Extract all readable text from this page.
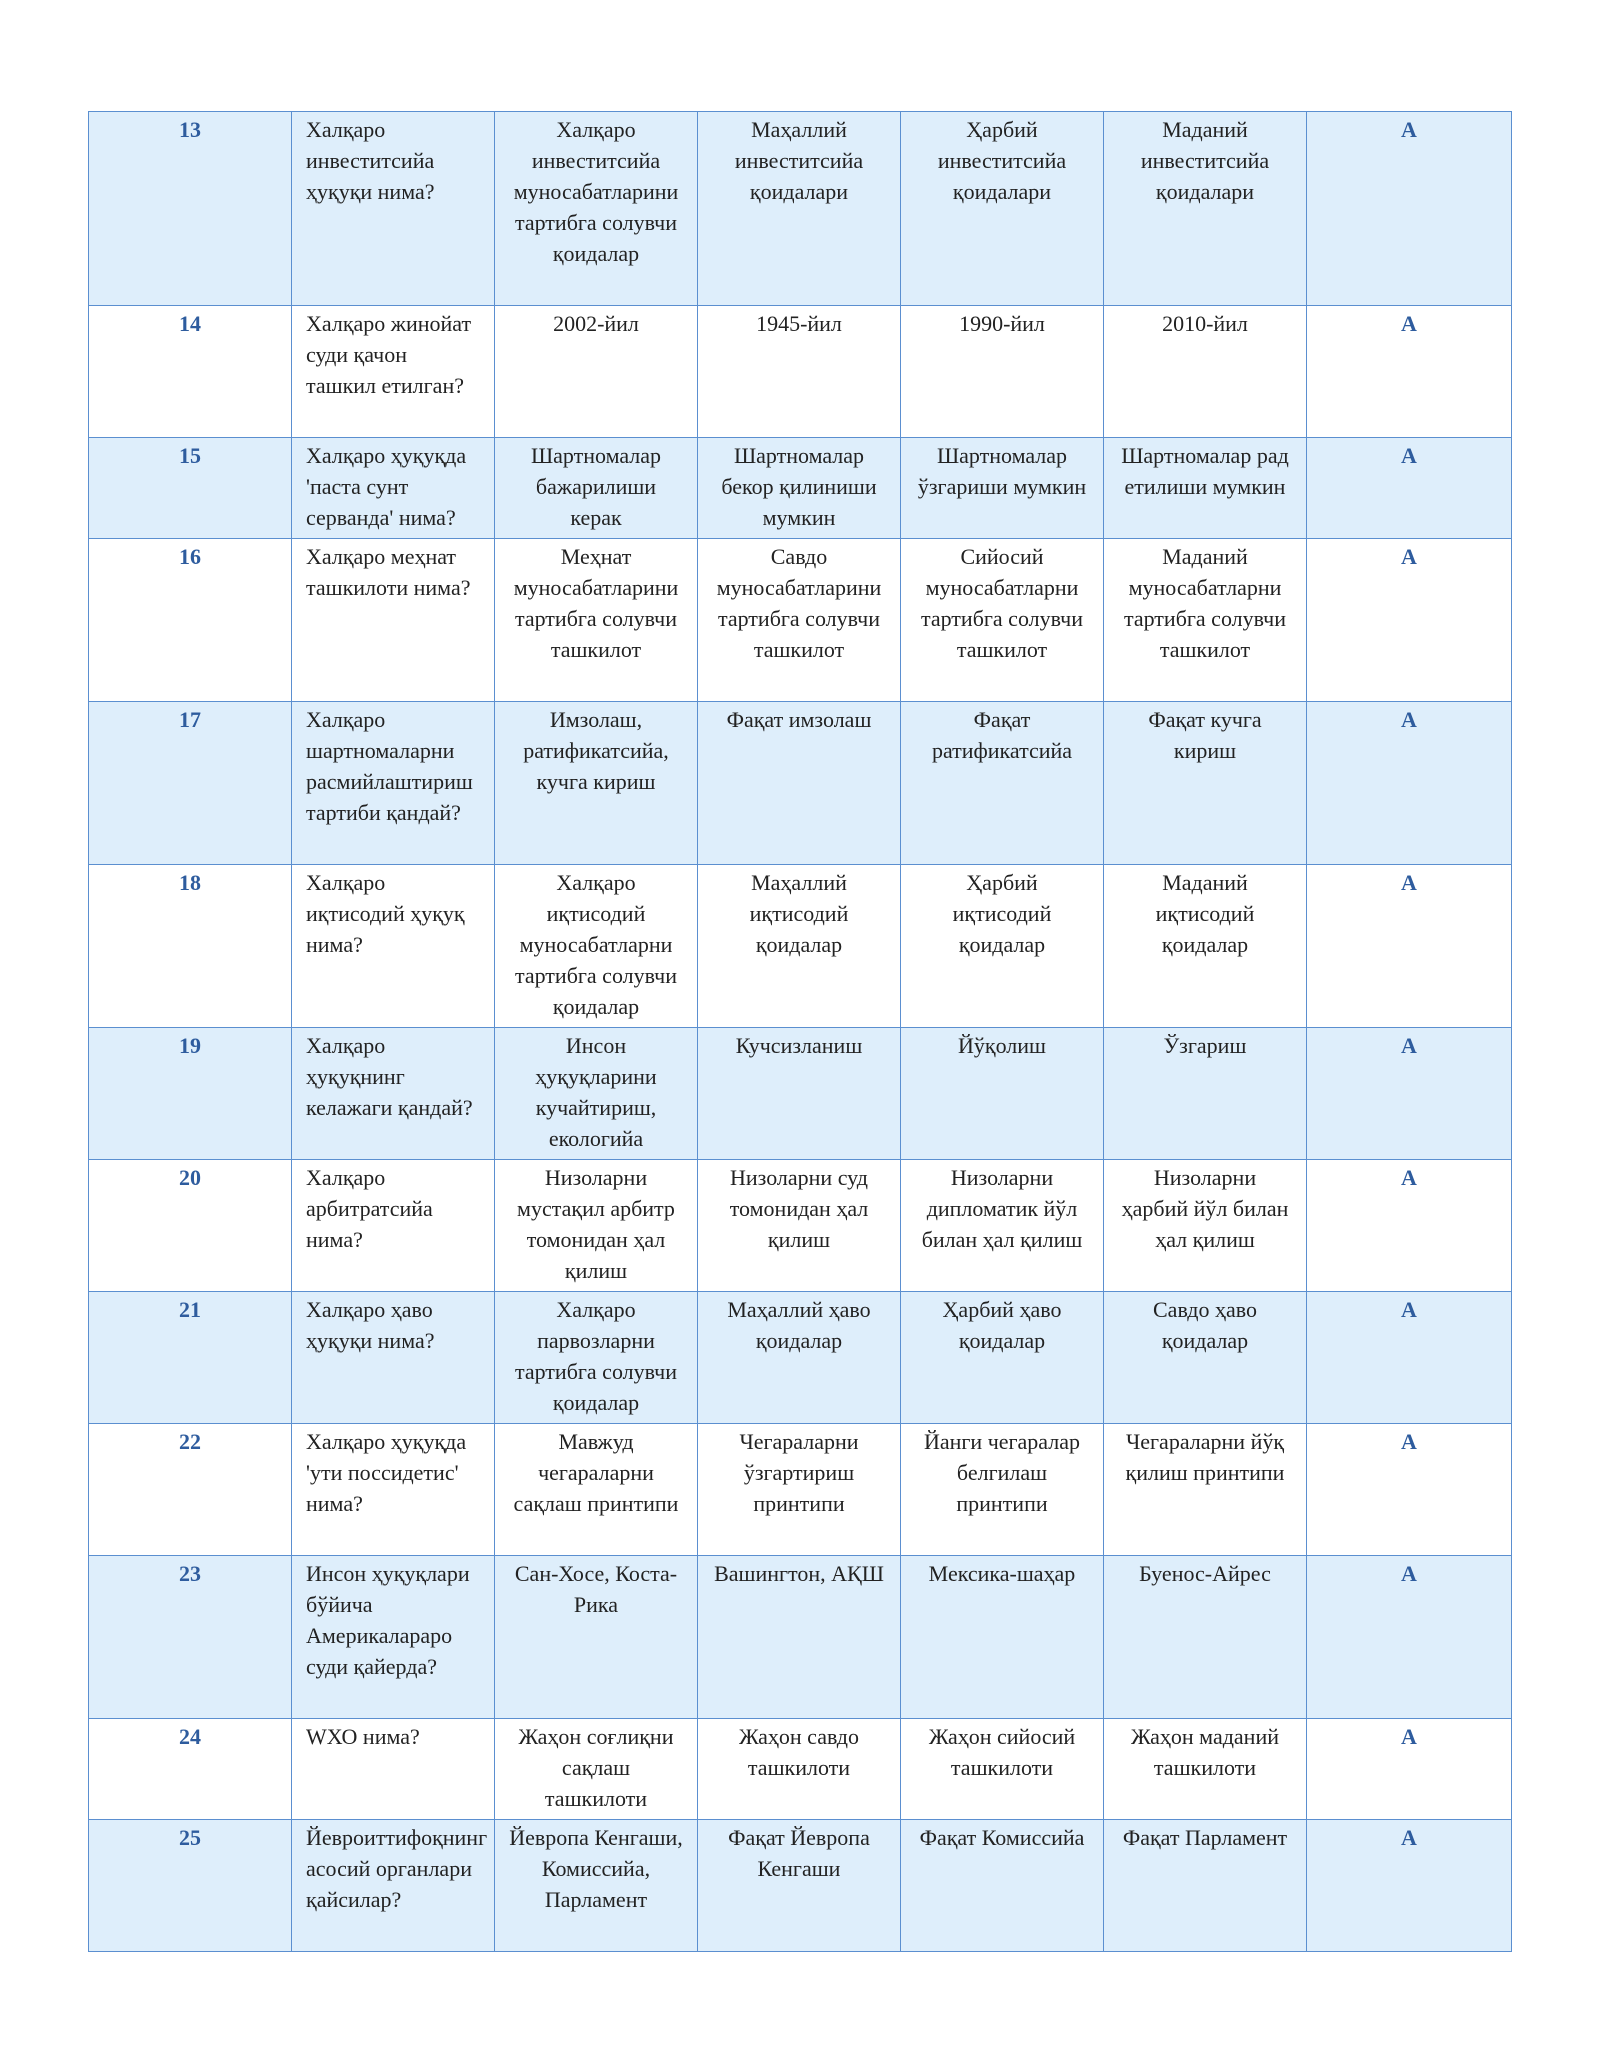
13	Халқаро инвеститсийа ҳуқуқи нима?	Халқаро инвеститсийа муносабатларини тартибга солувчи қоидалар	Маҳаллий инвеститсийа қоидалари	Ҳарбий инвеститсийа қоидалари	Маданий инвеститсийа қоидалари	A
14	Халқаро жинойат суди қачон ташкил етилган?	2002-йил	1945-йил	1990-йил	2010-йил	A
15	Халқаро ҳуқуқда 'паста сунт серванда' нима?	Шартномалар бажарилиши керак	Шартномалар бекор қилиниши мумкин	Шартномалар ўзгариши мумкин	Шартномалар рад етилиши мумкин	A
16	Халқаро меҳнат ташкилоти нима?	Меҳнат муносабатларини тартибга солувчи ташкилот	Савдо муносабатларини тартибга солувчи ташкилот	Сийосий муносабатларни тартибга солувчи ташкилот	Маданий муносабатларни тартибга солувчи ташкилот	A
17	Халқаро шартномаларни расмийлаштириш тартиби қандай?	Имзолаш, ратификатсийа, кучга кириш	Фақат имзолаш	Фақат ратификатсийа	Фақат кучга кириш	A
18	Халқаро иқтисодий ҳуқуқ нима?	Халқаро иқтисодий муносабатларни тартибга солувчи қоидалар	Маҳаллий иқтисодий қоидалар	Ҳарбий иқтисодий қоидалар	Маданий иқтисодий қоидалар	A
19	Халқаро ҳуқуқнинг келажаги қандай?	Инсон ҳуқуқларини кучайтириш, екологийа	Кучсизланиш	Йўқолиш	Ўзгариш	A
20	Халқаро арбитратсийа нима?	Низоларни мустақил арбитр томонидан ҳал қилиш	Низоларни суд томонидан ҳал қилиш	Низоларни дипломатик йўл билан ҳал қилиш	Низоларни ҳарбий йўл билан ҳал қилиш	A
21	Халқаро ҳаво ҳуқуқи нима?	Халқаро парвозларни тартибга солувчи қоидалар	Маҳаллий ҳаво қоидалар	Ҳарбий ҳаво қоидалар	Савдо ҳаво қоидалар	A
22	Халқаро ҳуқуқда 'ути поссидетис' нима?	Мавжуд чегараларни сақлаш принтипи	Чегараларни ўзгартириш принтипи	Йанги чегаралар белгилаш принтипи	Чегараларни йўқ қилиш принтипи	A
23	Инсон ҳуқуқлари бўйича Америкалараро суди қайерда?	Сан-Хосе, Коста-Рика	Вашингтон, АҚШ	Мексика-шаҳар	Буенос-Айрес	A
24	WХО нима?	Жаҳон соғлиқни сақлаш ташкилоти	Жаҳон савдо ташкилоти	Жаҳон сийосий ташкилоти	Жаҳон маданий ташкилоти	A
25	Йевроиттифоқнинг асосий органлари қайсилар?	Йевропа Кенгаши, Комиссийа, Парламент	Фақат Йевропа Кенгаши	Фақат Комиссийа	Фақат Парламент	A
